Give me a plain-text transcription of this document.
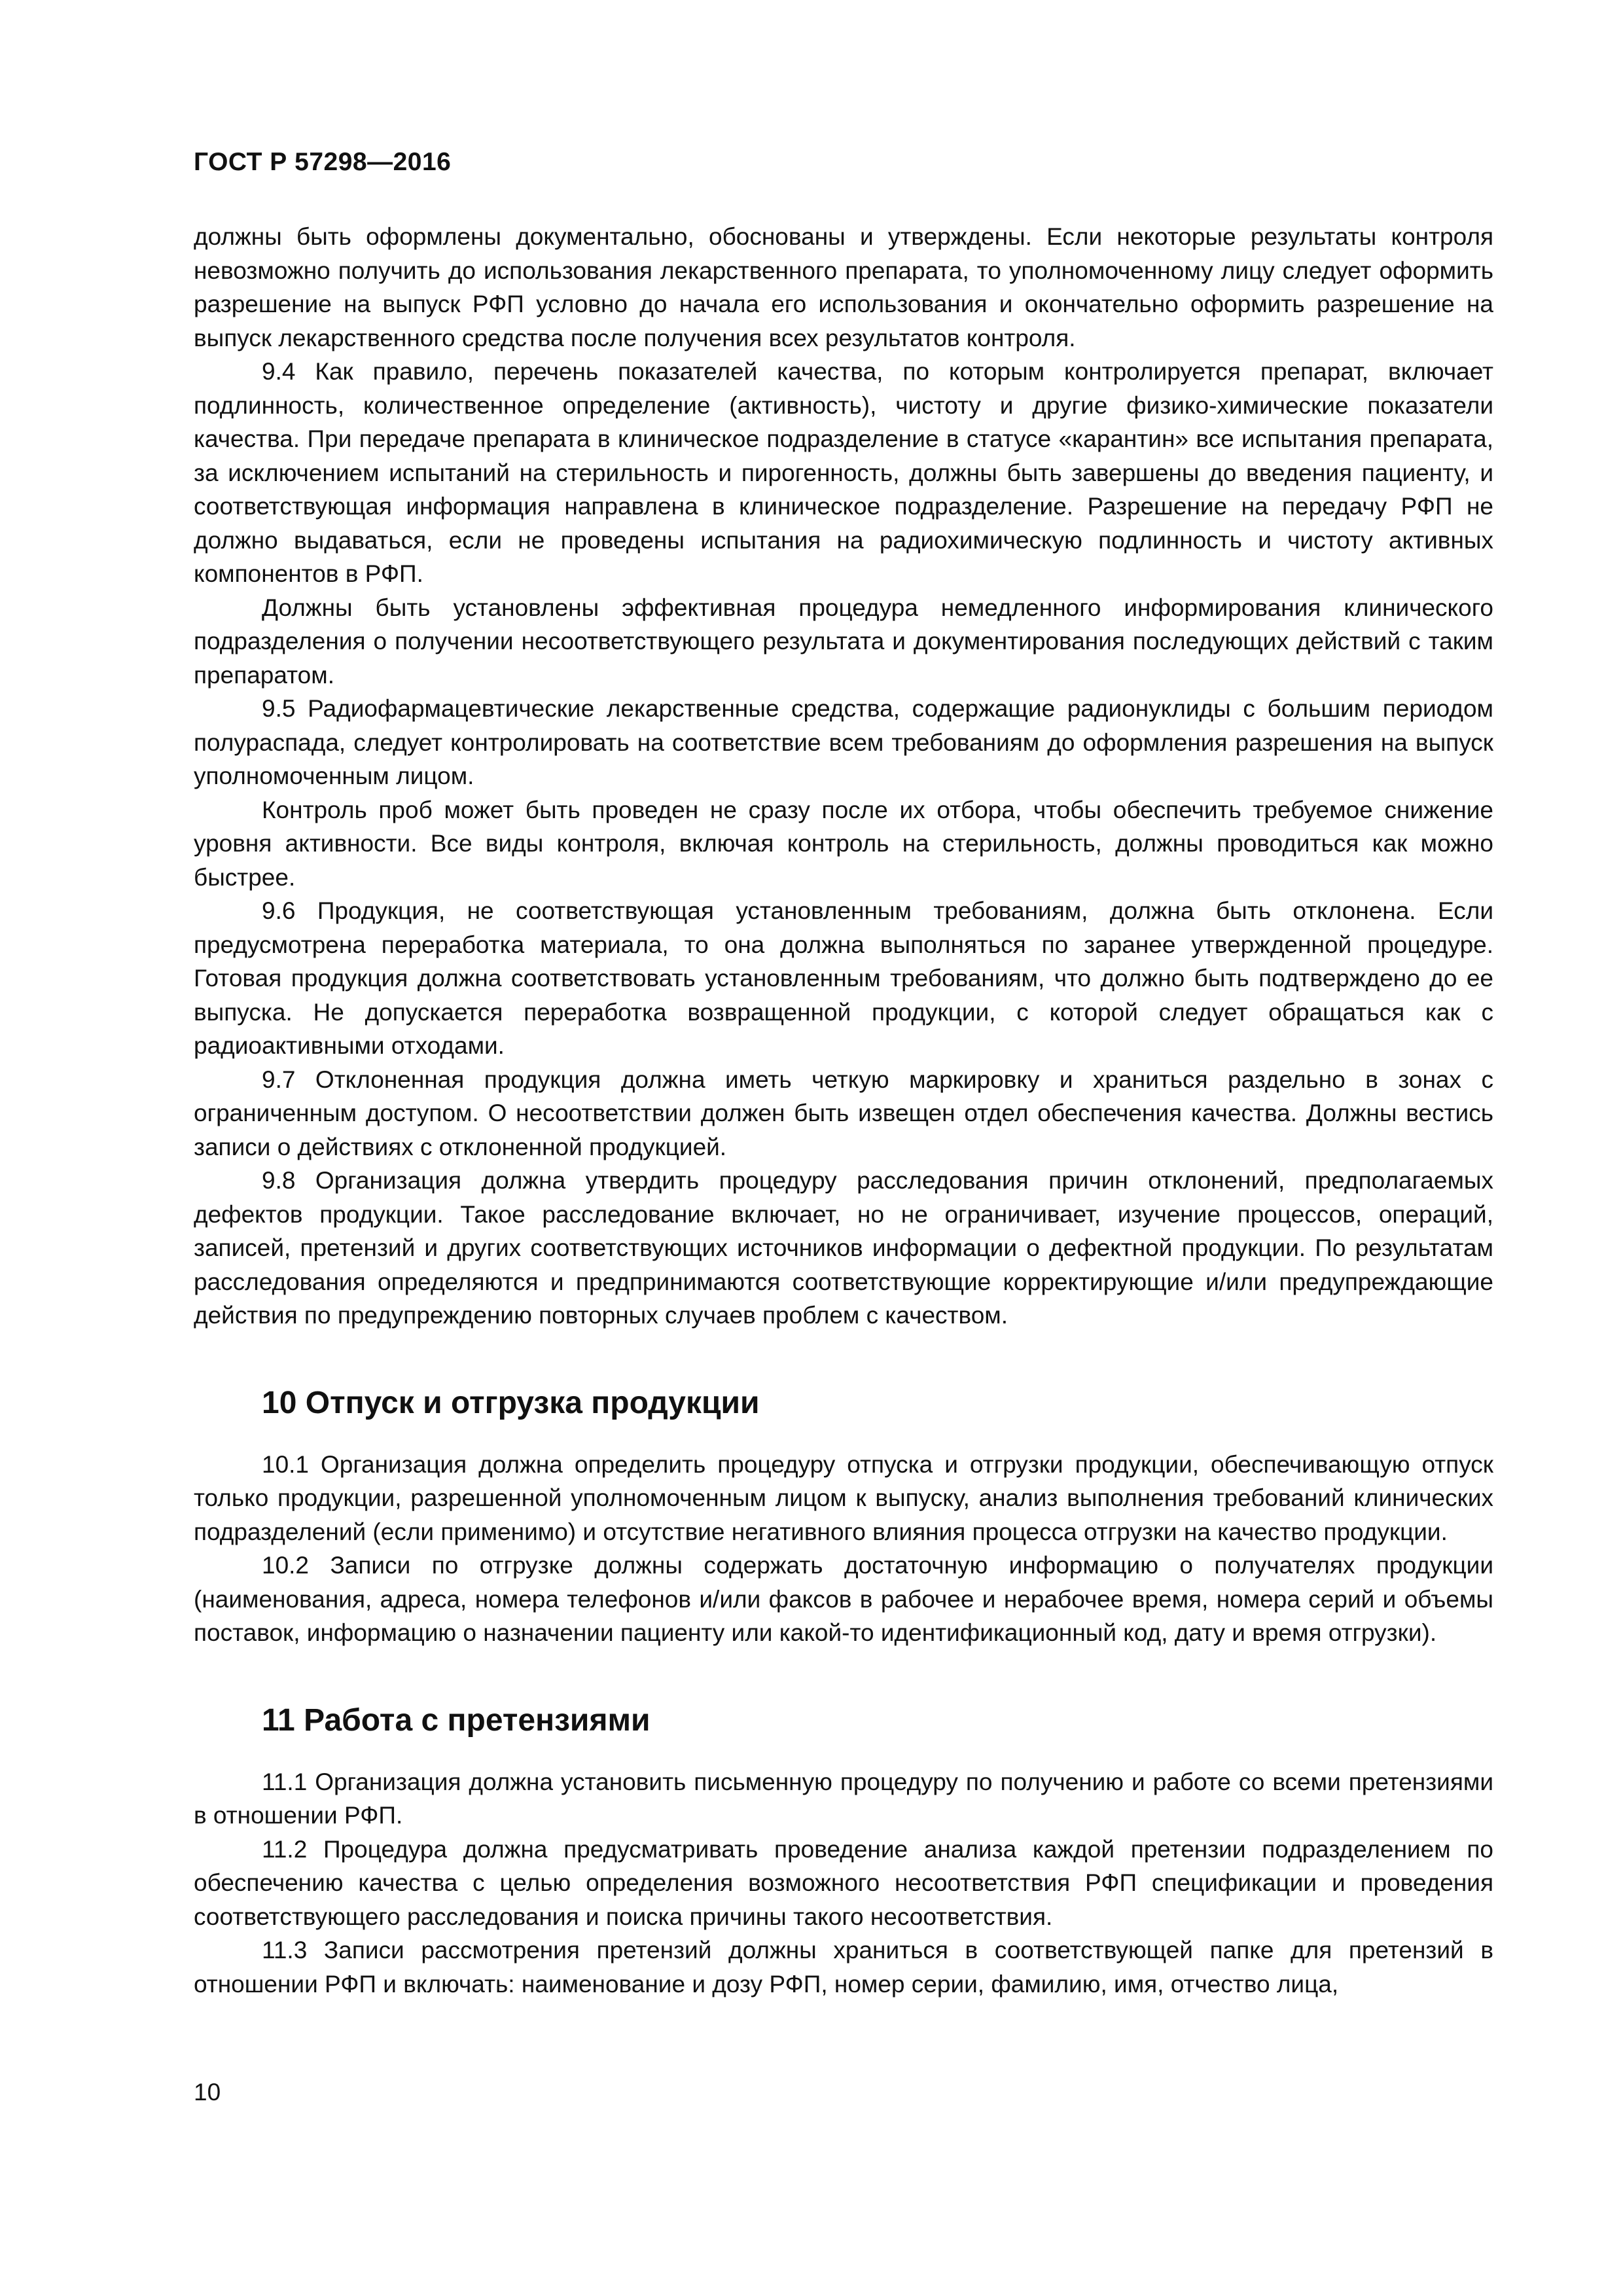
ГОСТ Р 57298—2016

должны быть оформлены документально, обоснованы и утверждены. Если некоторые результаты контроля невозможно получить до использования лекарственного препарата, то уполномоченному лицу следует оформить разрешение на выпуск РФП условно до начала его использования и окончательно оформить разрешение на выпуск лекарственного средства после получения всех результатов контроля.

9.4 Как правило, перечень показателей качества, по которым контролируется препарат, включает подлинность, количественное определение (активность), чистоту и другие физико-химические показатели качества. При передаче препарата в клиническое подразделение в статусе «карантин» все испытания препарата, за исключением испытаний на стерильность и пирогенность, должны быть завершены до введения пациенту, и соответствующая информация направлена в клиническое подразделение. Разрешение на передачу РФП не должно выдаваться, если не проведены испытания на радиохимическую подлинность и чистоту активных компонентов в РФП.

Должны быть установлены эффективная процедура немедленного информирования клинического подразделения о получении несоответствующего результата и документирования последующих действий с таким препаратом.

9.5 Радиофармацевтические лекарственные средства, содержащие радионуклиды с большим периодом полураспада, следует контролировать на соответствие всем требованиям до оформления разрешения на выпуск уполномоченным лицом.

Контроль проб может быть проведен не сразу после их отбора, чтобы обеспечить требуемое снижение уровня активности. Все виды контроля, включая контроль на стерильность, должны проводиться как можно быстрее.

9.6 Продукция, не соответствующая установленным требованиям, должна быть отклонена. Если предусмотрена переработка материала, то она должна выполняться по заранее утвержденной процедуре. Готовая продукция должна соответствовать установленным требованиям, что должно быть подтверждено до ее выпуска. Не допускается переработка возвращенной продукции, с которой следует обращаться как с радиоактивными отходами.

9.7 Отклоненная продукция должна иметь четкую маркировку и храниться раздельно в зонах с ограниченным доступом. О несоответствии должен быть извещен отдел обеспечения качества. Должны вестись записи о действиях с отклоненной продукцией.

9.8 Организация должна утвердить процедуру расследования причин отклонений, предполагаемых дефектов продукции. Такое расследование включает, но не ограничивает, изучение процессов, операций, записей, претензий и других соответствующих источников информации о дефектной продукции. По результатам расследования определяются и предпринимаются соответствующие корректирующие и/или предупреждающие действия по предупреждению повторных случаев проблем с качеством.

10 Отпуск и отгрузка продукции

10.1 Организация должна определить процедуру отпуска и отгрузки продукции, обеспечивающую отпуск только продукции, разрешенной уполномоченным лицом к выпуску, анализ выполнения требований клинических подразделений (если применимо) и отсутствие негативного влияния процесса отгрузки на качество продукции.

10.2 Записи по отгрузке должны содержать достаточную информацию о получателях продукции (наименования, адреса, номера телефонов и/или факсов в рабочее и нерабочее время, номера серий и объемы поставок, информацию о назначении пациенту или какой-то идентификационный код, дату и время отгрузки).

11 Работа с претензиями

11.1 Организация должна установить письменную процедуру по получению и работе со всеми претензиями в отношении РФП.

11.2 Процедура должна предусматривать проведение анализа каждой претензии подразделением по обеспечению качества с целью определения возможного несоответствия РФП спецификации и проведения соответствующего расследования и поиска причины такого несоответствия.

11.3 Записи рассмотрения претензий должны храниться в соответствующей папке для претензий в отношении РФП и включать: наименование и дозу РФП, номер серии, фамилию, имя, отчество лица,

10
